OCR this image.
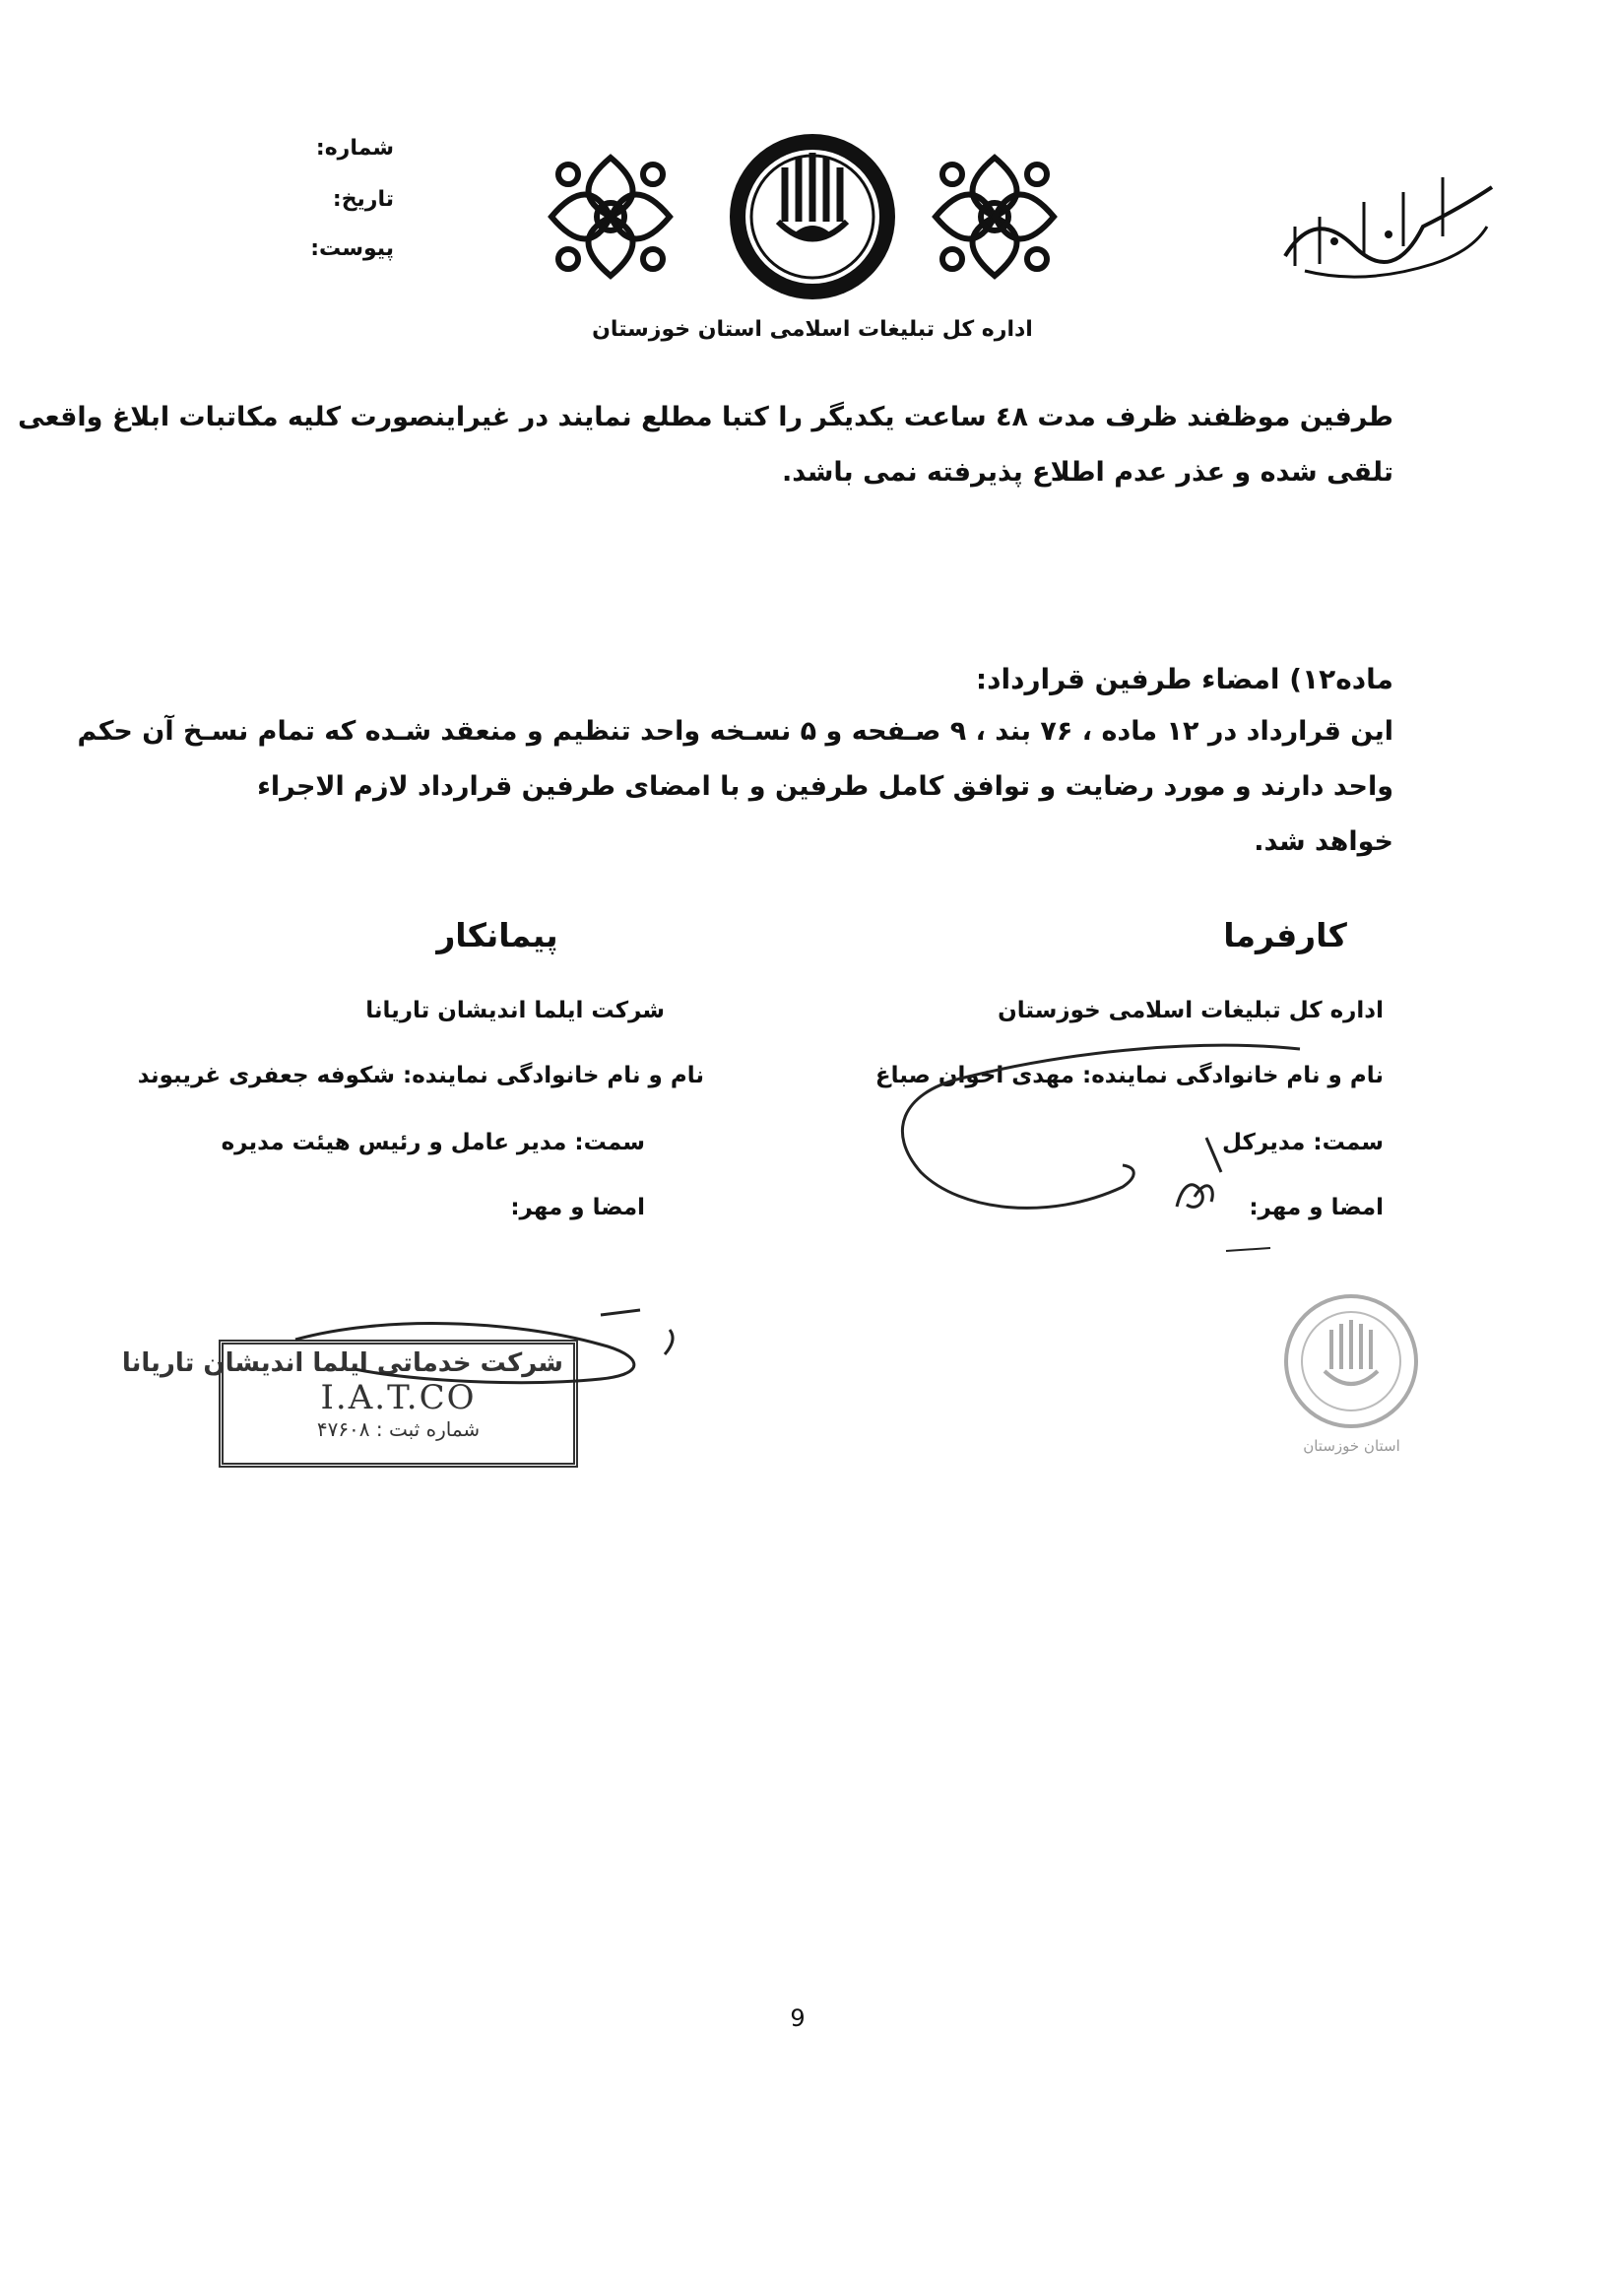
شماره:
تاریخ:
پیوست:
اداره کل تبلیغات اسلامی استان خوزستان
طرفین موظفند ظرف مدت ٤٨ ساعت یکدیگر را کتبا مطلع نمایند در غیراینصورت کلیه مکاتبات ابلاغ واقعی
تلقی شده و عذر عدم اطلاع پذیرفته نمی باشد.
ماده۱۲) امضاء طرفین قرارداد:
این قرارداد در ۱۲ ماده ، ۷۶ بند ، ۹ صـفحه و ۵ نسـخه واحد تنظیم و منعقد شـده که تمام نسـخ آن حکم
واحد دارند و مورد رضایت و توافق کامل طرفین و با امضای طرفین قرارداد لازم الاجراء خواهد شد.
کارفرما
اداره کل تبلیغات اسلامی خوزستان
نام و نام خانوادگی نماینده: مهدی اخوان صباغ
سمت: مدیرکل
امضا و مهر:
استان خوزستان
پیمانکار
شرکت ایلما اندیشان تاریانا
نام و نام خانوادگی نماینده: شکوفه جعفری غریبوند
سمت: مدیر عامل و رئیس هیئت مدیره
امضا و مهر:
شرکت خدماتی ایلما اندیشان تاریانا
I.A.T.CO
شماره ثبت : ۴۷۶۰۸
9
